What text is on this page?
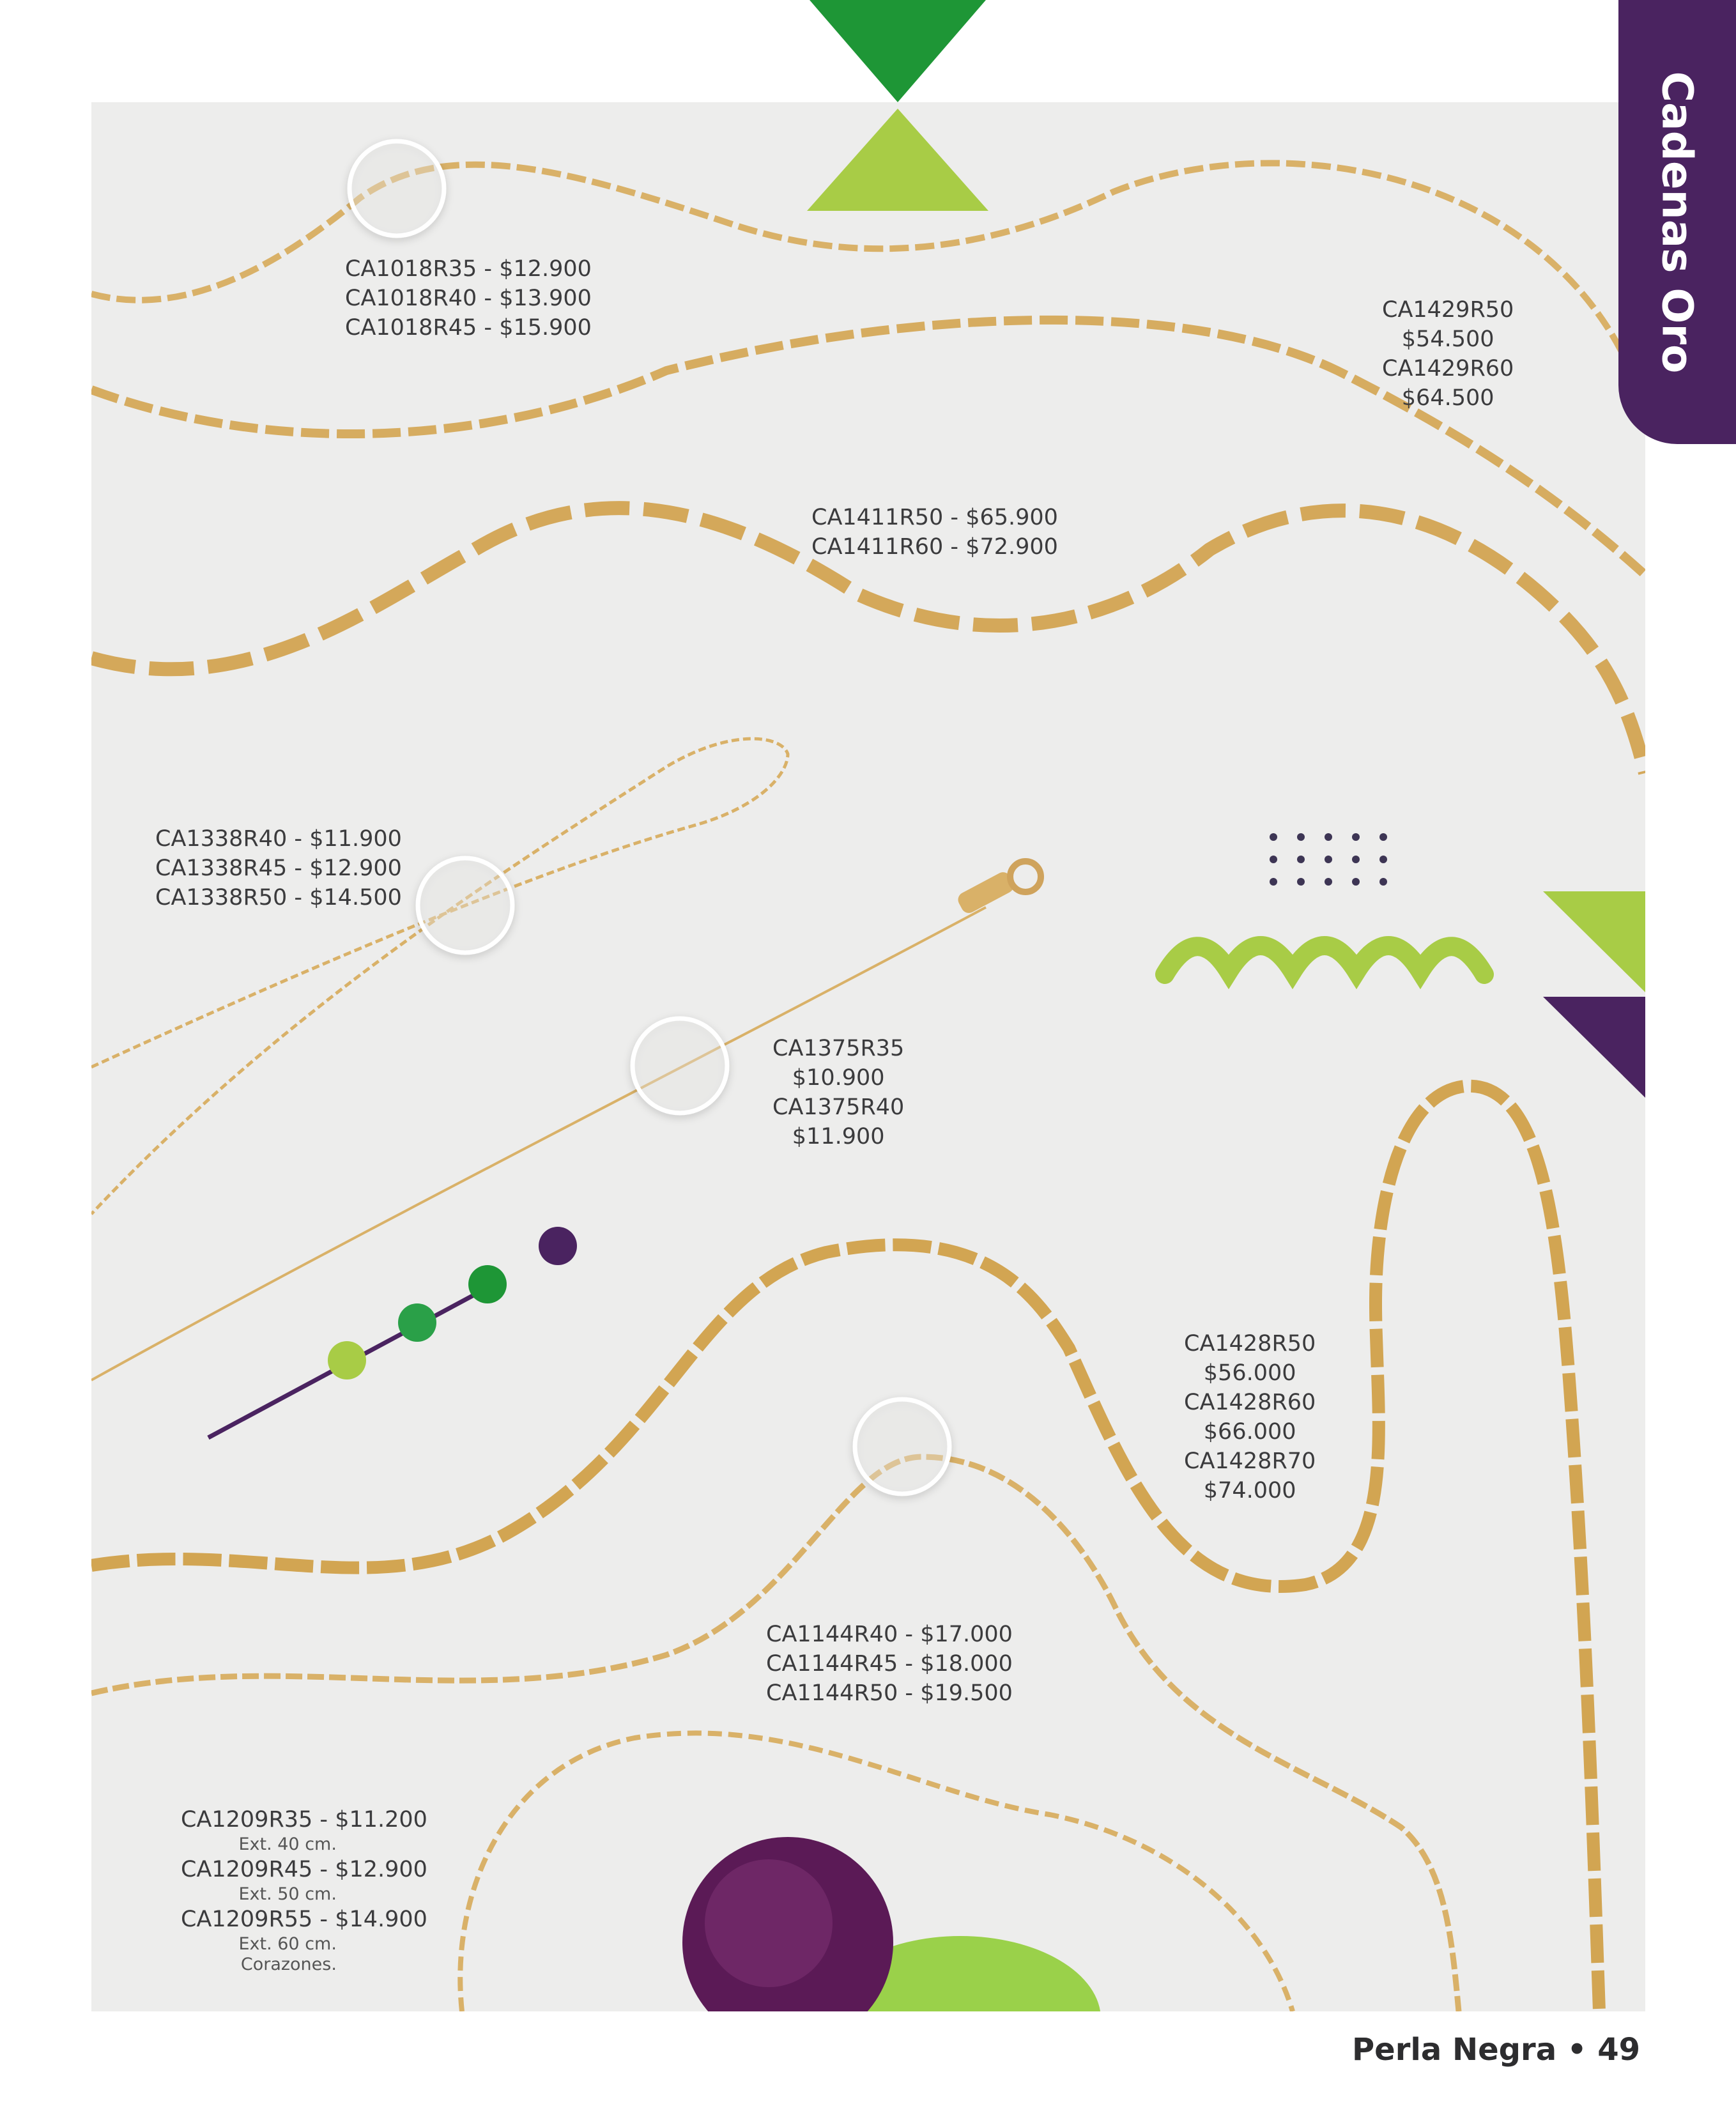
CA1018R35 - $12.900
CA1018R40 - $13.900
CA1018R45 - $15.900
CA1429R50
$54.500
CA1429R60
$64.500
CA1411R50 - $65.900
CA1411R60 - $72.900
CA1338R40 - $11.900
CA1338R45 - $12.900
CA1338R50 - $14.500
CA1375R35
$10.900
CA1375R40
$11.900
CA1428R50
$56.000
CA1428R60
$66.000
CA1428R70
$74.000
CA1144R40 - $17.000
CA1144R45 - $18.000
CA1144R50 - $19.500
CA1209R35 - $11.200
Ext. 40 cm.
CA1209R45 - $12.900
Ext. 50 cm.
CA1209R55 - $14.900
Ext. 60 cm.
Corazones.
Cadenas Oro
Perla Negra • 49
